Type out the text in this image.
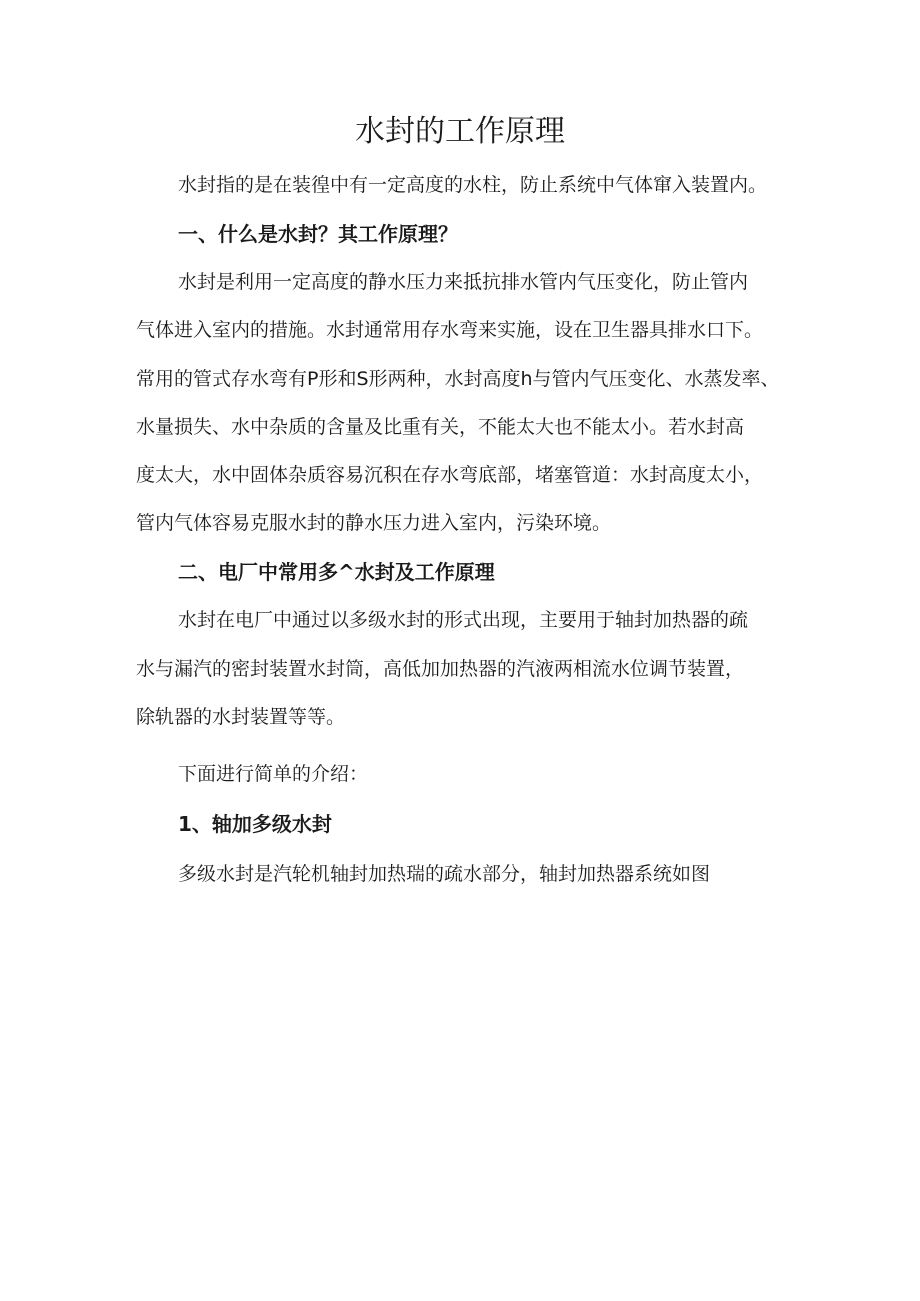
水封的工作原理

水封指的是在装徨中有一定高度的水柱，防止系统中气体窜入装置内。

一、什么是水封？其工作原理？

水封是利用一定高度的静水压力来抵抗排水管内气压变化，防止管内

气体进入室内的措施。水封通常用存水弯来实施，设在卫生器具排水口下。

常用的管式存水弯有P形和S形两种，水封高度h与管内气压变化、水蒸发率、

水量损失、水中杂质的含量及比重有关，不能太大也不能太小。若水封高

度太大，水中固体杂质容易沉积在存水弯底部，堵塞管道：水封高度太小，

管内气体容易克服水封的静水压力进入室内，污染环境。

二、电厂中常用多^水封及工作原理

水封在电厂中通过以多级水封的形式出现，主要用于轴封加热器的疏

水与漏汽的密封装置水封筒，高低加加热器的汽液两相流水位调节装置，

除轨器的水封装置等等。

下面进行简单的介绍：

1、轴加多级水封

多级水封是汽轮机轴封加热瑞的疏水部分，轴封加热器系统如图
